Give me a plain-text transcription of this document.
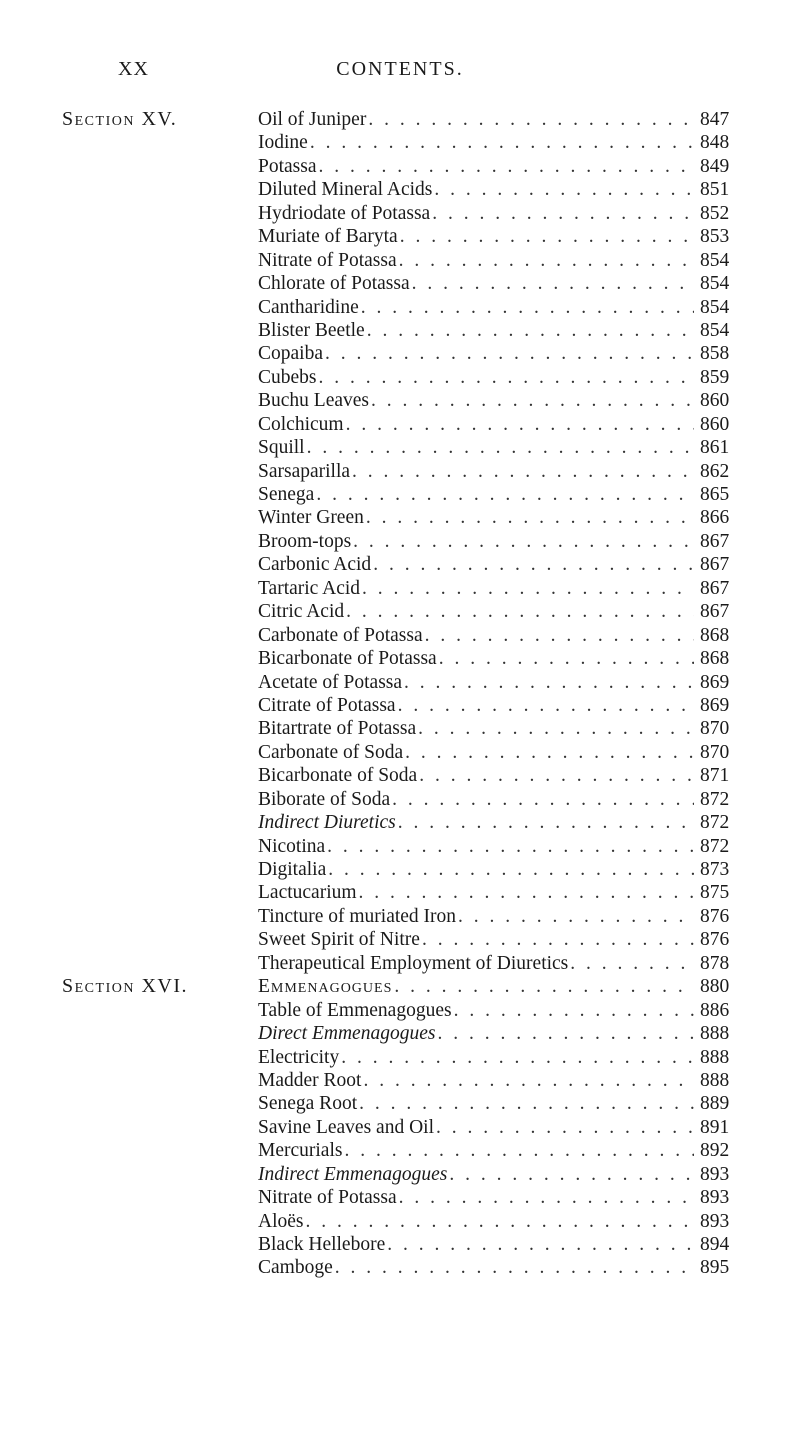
XX	CONTENTS.
Section XV.	Oil of Juniper . . .	847
Iodine . . .	848
Potassa . . .	849
Diluted Mineral Acids . . .	851
Hydriodate of Potassa . . .	852
Muriate of Baryta . . .	853
Nitrate of Potassa . . .	854
Chlorate of Potassa . . .	854
Cantharidine . . .	854
Blister Beetle . . .	854
Copaiba . . .	858
Cubebs . . .	859
Buchu Leaves . . .	860
Colchicum . . .	860
Squill . . .	861
Sarsaparilla . . .	862
Senega . . .	865
Winter Green . . .	866
Broom-tops . . .	867
Carbonic Acid . . .	867
Tartaric Acid . . .	867
Citric Acid . . .	867
Carbonate of Potassa . . .	868
Bicarbonate of Potassa . . .	868
Acetate of Potassa . . .	869
Citrate of Potassa . . .	869
Bitartrate of Potassa . . .	870
Carbonate of Soda . . .	870
Bicarbonate of Soda . . .	871
Biborate of Soda . . .	872
Indirect Diuretics . . .	872
Nicotina . . .	872
Digitalia . . .	873
Lactucarium . . .	875
Tincture of muriated Iron . . .	876
Sweet Spirit of Nitre . . .	876
Therapeutical Employment of Diuretics . . .	878
Section XVI.	Emmenagogues . . .	880
Table of Emmenagogues . . .	886
Direct Emmenagogues . . .	888
Electricity . . .	888
Madder Root . . .	888
Senega Root . . .	889
Savine Leaves and Oil . . .	891
Mercurials . . .	892
Indirect Emmenagogues . . .	893
Nitrate of Potassa . . .	893
Aloës . . .	893
Black Hellebore . . .	894
Camboge . . .	895
